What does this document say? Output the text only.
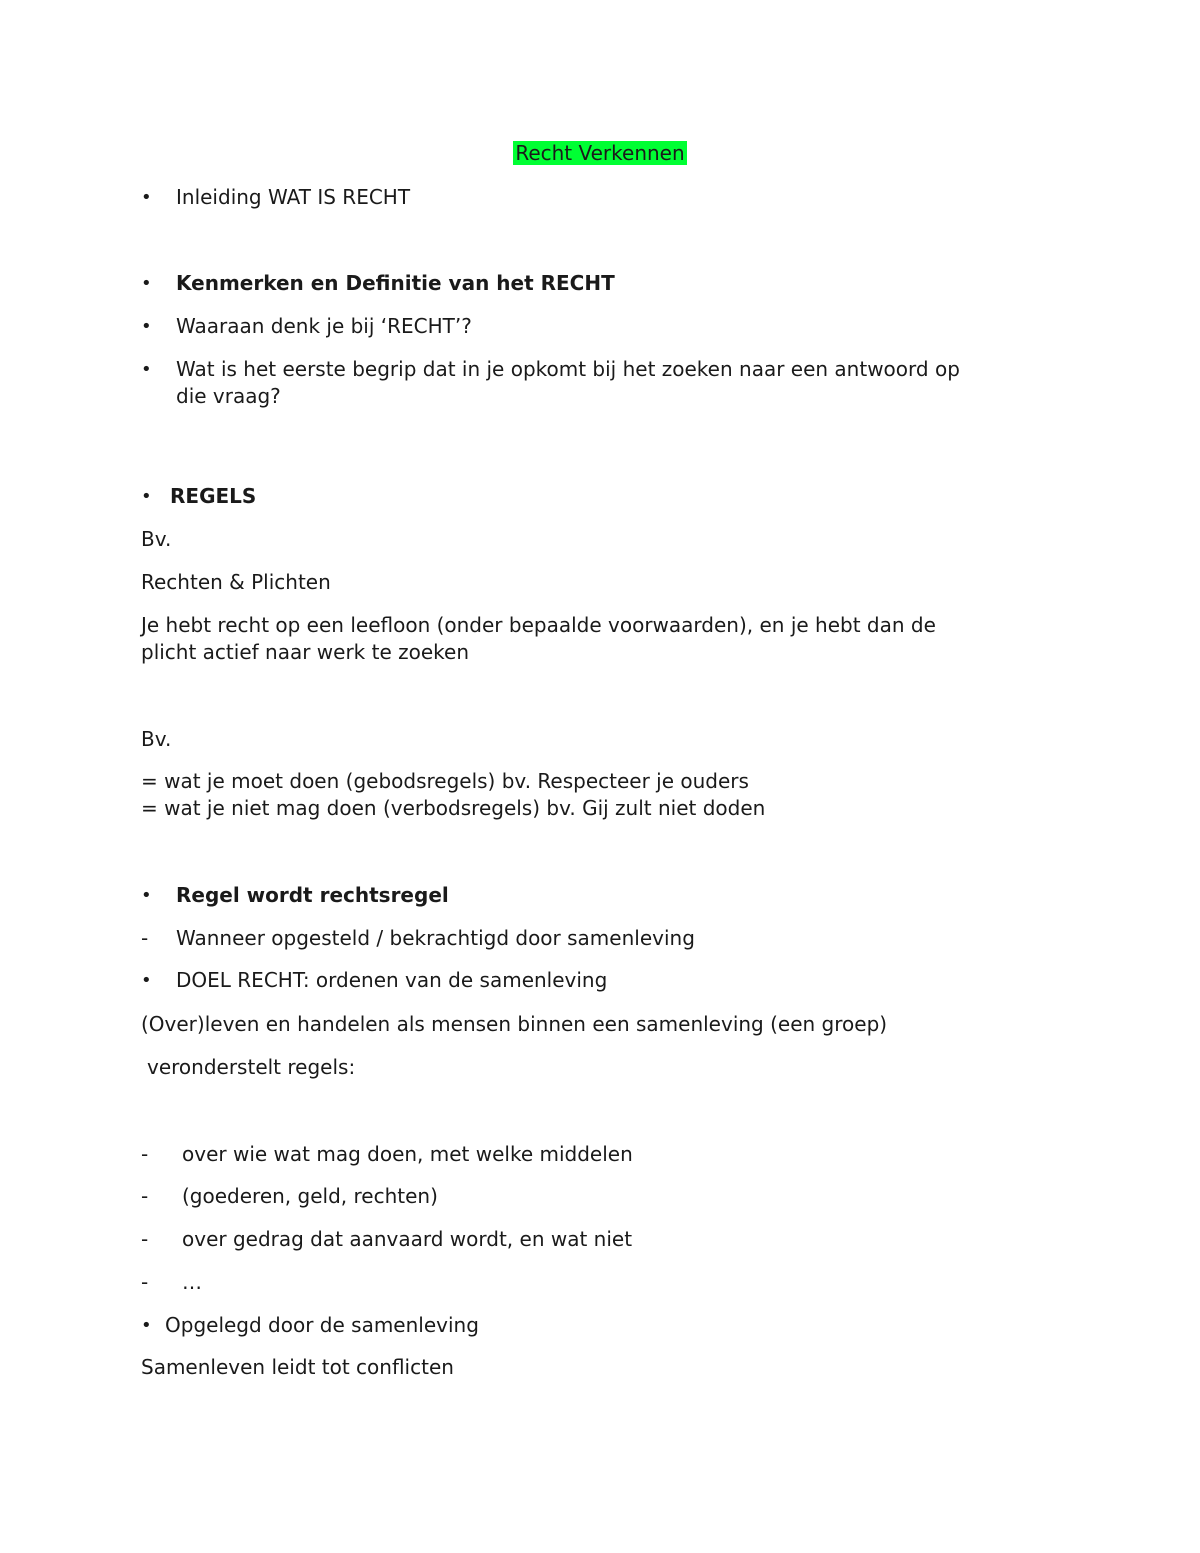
Recht Verkennen
• Inleiding WAT IS RECHT
• Kenmerken en Definitie van het RECHT
• Waaraan denk je bij ‘RECHT’?
• Wat is het eerste begrip dat in je opkomt bij het zoeken naar een antwoord op
die vraag?
• REGELS
Bv.
Rechten & Plichten
Je hebt recht op een leefloon (onder bepaalde voorwaarden), en je hebt dan de
plicht actief naar werk te zoeken
Bv.
= wat je moet doen (gebodsregels) bv. Respecteer je ouders
= wat je niet mag doen (verbodsregels) bv. Gij zult niet doden
• Regel wordt rechtsregel
- Wanneer opgesteld / bekrachtigd door samenleving
• DOEL RECHT: ordenen van de samenleving
(Over)leven en handelen als mensen binnen een samenleving (een groep)
veronderstelt regels:
- over wie wat mag doen, met welke middelen
- (goederen, geld, rechten)
- over gedrag dat aanvaard wordt, en wat niet
- …
• Opgelegd door de samenleving
Samenleven leidt tot conflicten
